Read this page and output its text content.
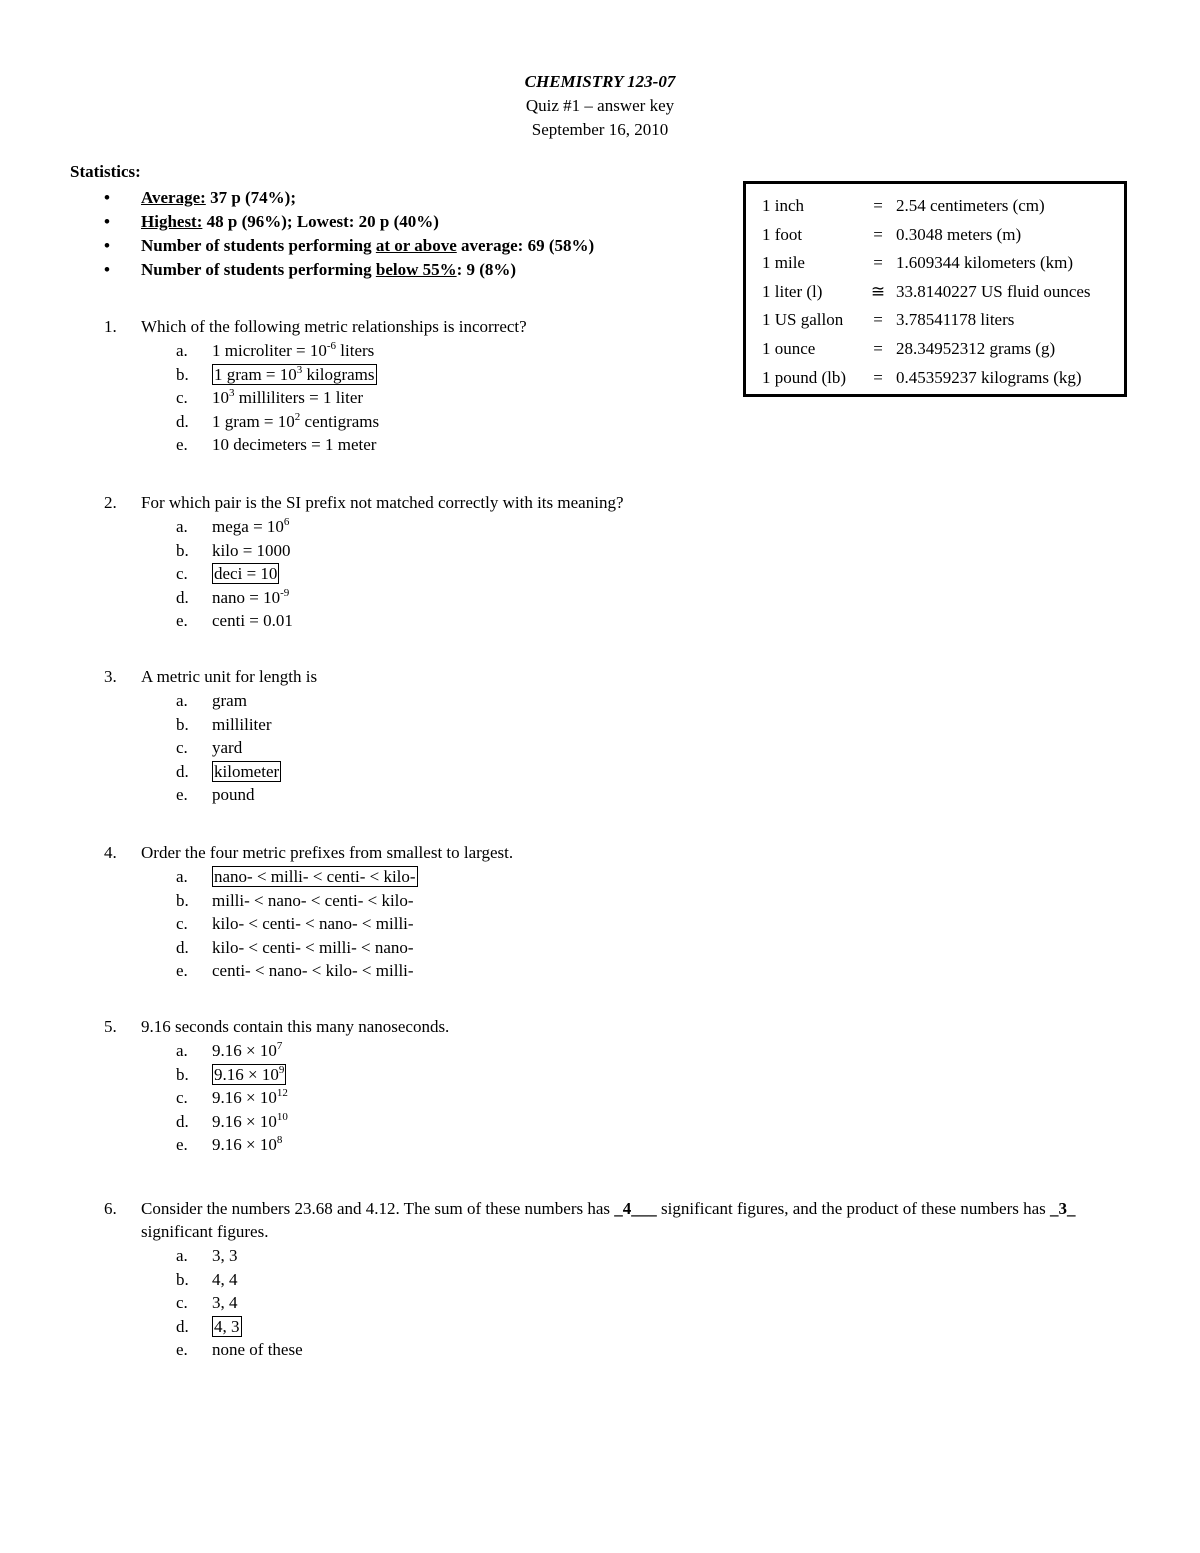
CHEMISTRY 123-07
Quiz #1 – answer key
September 16, 2010
Statistics:
• Average: 37 p (74%);
• Highest: 48 p (96%); Lowest: 20 p (40%)
• Number of students performing at or above average: 69 (58%)
• Number of students performing below 55%: 9 (8%)
1 inch	= 2.54 centimeters (cm)
1 foot	= 0.3048 meters (m)
1 mile	= 1.609344 kilometers (km)
1 liter (l)	≅ 33.8140227 US fluid ounces
1 US gallon	= 3.78541178 liters
1 ounce	= 28.34952312 grams (g)
1 pound (lb)	= 0.45359237 kilograms (kg)
1. Which of the following metric relationships is incorrect?
a. 1 microliter = $10^{-6}$ liters
b. 1 gram = $10^3$ kilograms
c. $10^3$ milliliters = 1 liter
d. 1 gram = $10^2$ centigrams
e. 10 decimeters = 1 meter
2. For which pair is the SI prefix not matched correctly with its meaning?
a. mega = $10^6$
b. kilo = 1000
c. deci = 10
d. nano = $10^{-9}$
e. centi = 0.01
3. A metric unit for length is
a. gram
b. milliliter
c. yard
d. kilometer
e. pound
4. Order the four metric prefixes from smallest to largest.
a. nano- < milli- < centi- < kilo-
b. milli- < nano- < centi- < kilo-
c. kilo- < centi- < nano- < milli-
d. kilo- < centi- < milli- < nano-
e. centi- < nano- < kilo- < milli-
5. 9.16 seconds contain this many nanoseconds.
a. $9.16 \times 10^7$
b. $9.16 \times 10^9$
c. $9.16 \times 10^{12}$
d. $9.16 \times 10^{10}$
e. $9.16 \times 10^8$
6. Consider the numbers 23.68 and 4.12. The sum of these numbers has _4___ significant figures, and the product of these numbers has _3_ significant figures.
a. 3, 3
b. 4, 4
c. 3, 4
d. 4, 3
e. none of these
